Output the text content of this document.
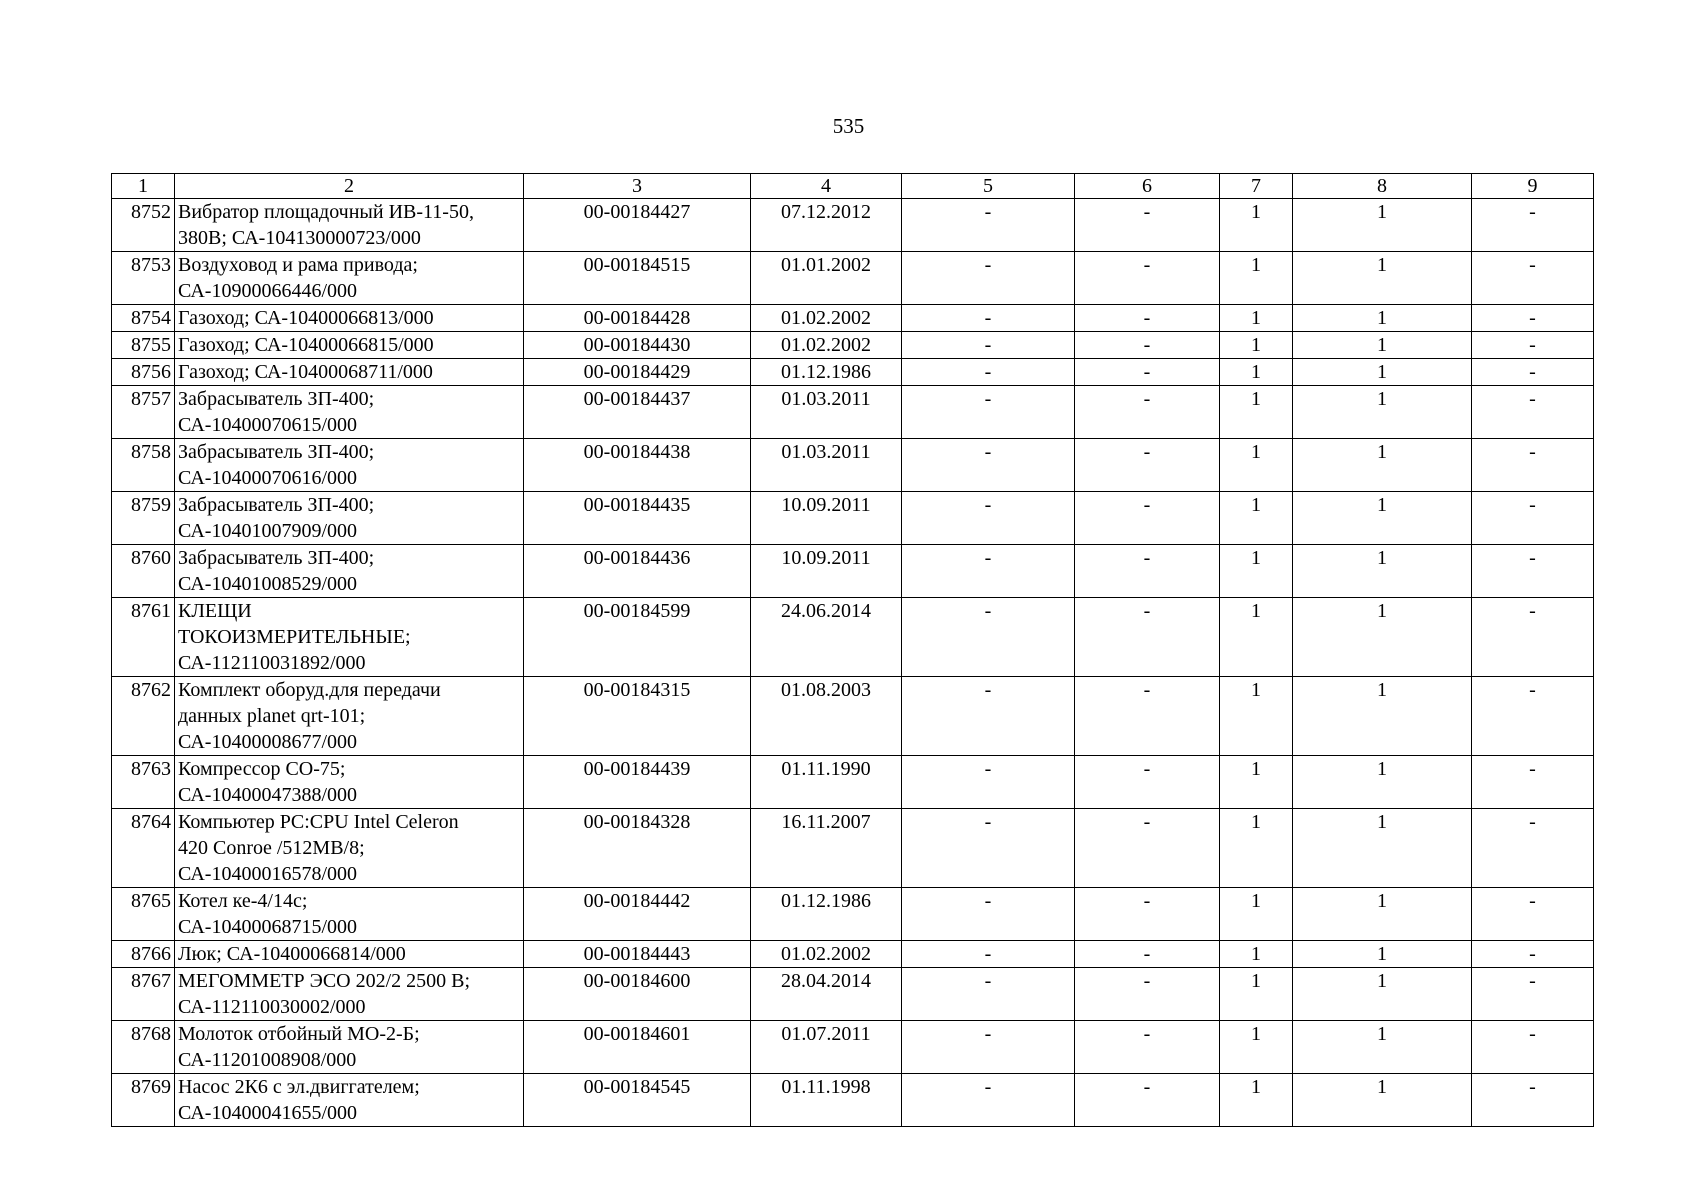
535
1	2	3	4	5	6	7	8	9
8752	Вибратор площадочный ИВ-11-50,
380В; СА-104130000723/000	00-00184427	07.12.2012	-	-	1	1	-
8753	Воздуховод и рама привода;
СА-10900066446/000	00-00184515	01.01.2002	-	-	1	1	-
8754	Газоход; СА-10400066813/000	00-00184428	01.02.2002	-	-	1	1	-
8755	Газоход; СА-10400066815/000	00-00184430	01.02.2002	-	-	1	1	-
8756	Газоход; СА-10400068711/000	00-00184429	01.12.1986	-	-	1	1	-
8757	Забрасыватель ЗП-400;
СА-10400070615/000	00-00184437	01.03.2011	-	-	1	1	-
8758	Забрасыватель ЗП-400;
СА-10400070616/000	00-00184438	01.03.2011	-	-	1	1	-
8759	Забрасыватель ЗП-400;
СА-10401007909/000	00-00184435	10.09.2011	-	-	1	1	-
8760	Забрасыватель ЗП-400;
СА-10401008529/000	00-00184436	10.09.2011	-	-	1	1	-
8761	КЛЕЩИ
ТОКОИЗМЕРИТЕЛЬНЫЕ;
СА-112110031892/000	00-00184599	24.06.2014	-	-	1	1	-
8762	Комплект оборуд.для передачи
данных planet qrt-101;
СА-10400008677/000	00-00184315	01.08.2003	-	-	1	1	-
8763	Компрессор СО-75;
СА-10400047388/000	00-00184439	01.11.1990	-	-	1	1	-
8764	Компьютер PC:CPU Intel Celeron
420 Conroe /512MB/8;
СА-10400016578/000	00-00184328	16.11.2007	-	-	1	1	-
8765	Котел ке-4/14с;
СА-10400068715/000	00-00184442	01.12.1986	-	-	1	1	-
8766	Люк; СА-10400066814/000	00-00184443	01.02.2002	-	-	1	1	-
8767	МЕГОММЕТР ЭСО 202/2 2500 В;
СА-112110030002/000	00-00184600	28.04.2014	-	-	1	1	-
8768	Молоток отбойный МО-2-Б;
СА-11201008908/000	00-00184601	01.07.2011	-	-	1	1	-
8769	Насос 2К6 с эл.двиггателем;
СА-10400041655/000	00-00184545	01.11.1998	-	-	1	1	-
